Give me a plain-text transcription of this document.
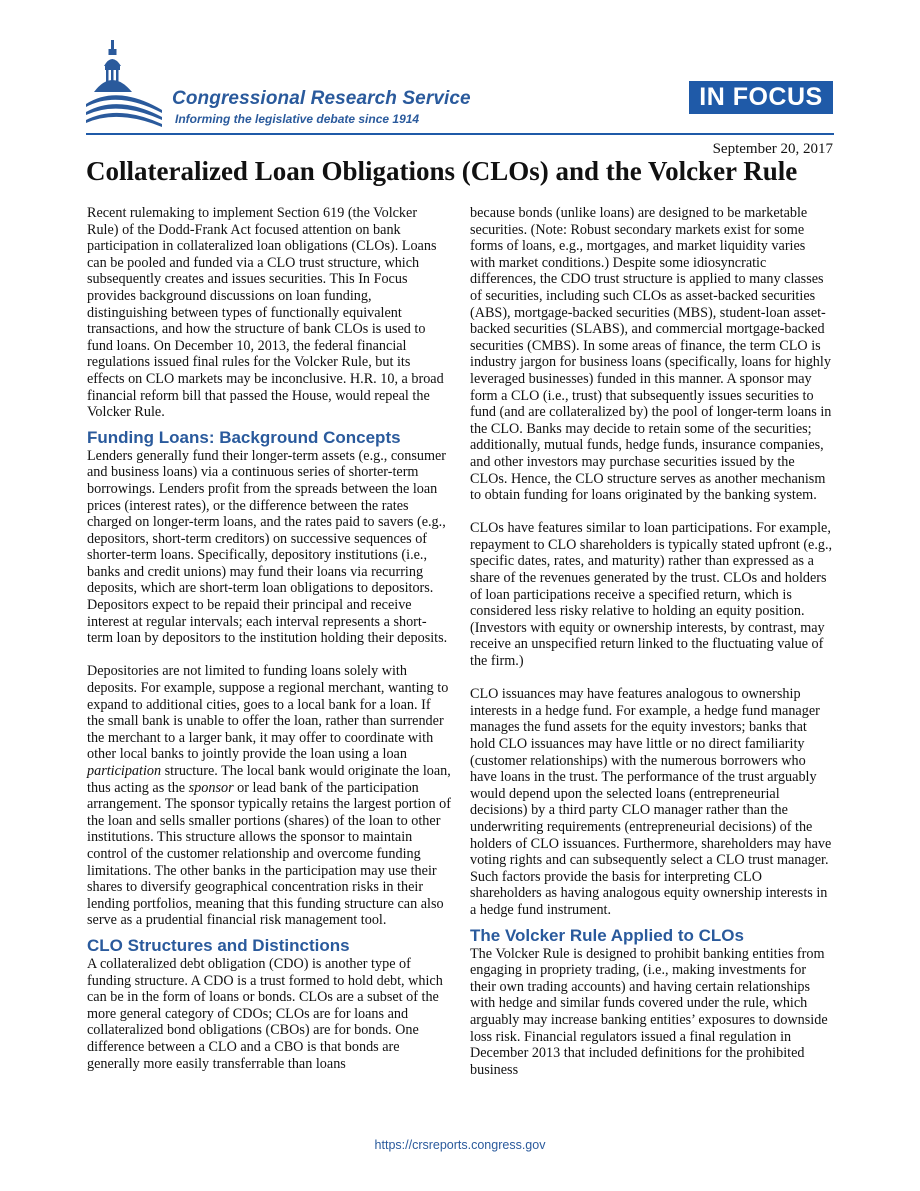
Congressional Research Service
Informing the legislative debate since 1914
IN FOCUS
September 20, 2017
Collateralized Loan Obligations (CLOs) and the Volcker Rule

Recent rulemaking to implement Section 619 (the Volcker Rule) of the Dodd-Frank Act focused attention on bank participation in collateralized loan obligations (CLOs). Loans can be pooled and funded via a CLO trust structure, which subsequently creates and issues securities. This In Focus provides background discussions on loan funding, distinguishing between types of functionally equivalent transactions, and how the structure of bank CLOs is used to fund loans. On December 10, 2013, the federal financial regulations issued final rules for the Volcker Rule, but its effects on CLO markets may be inconclusive. H.R. 10, a broad financial reform bill that passed the House, would repeal the Volcker Rule.

Funding Loans: Background Concepts

Lenders generally fund their longer-term assets (e.g., consumer and business loans) via a continuous series of shorter-term borrowings. Lenders profit from the spreads between the loan prices (interest rates), or the difference between the rates charged on longer-term loans, and the rates paid to savers (e.g., depositors, short-term creditors) on successive sequences of shorter-term loans. Specifically, depository institutions (i.e., banks and credit unions) may fund their loans via recurring deposits, which are short-term loan obligations to depositors. Depositors expect to be repaid their principal and receive interest at regular intervals; each interval represents a short-term loan by depositors to the institution holding their deposits.

Depositories are not limited to funding loans solely with deposits. For example, suppose a regional merchant, wanting to expand to additional cities, goes to a local bank for a loan. If the small bank is unable to offer the loan, rather than surrender the merchant to a larger bank, it may offer to coordinate with other local banks to jointly provide the loan using a loan participation structure. The local bank would originate the loan, thus acting as the sponsor or lead bank of the participation arrangement. The sponsor typically retains the largest portion of the loan and sells smaller portions (shares) of the loan to other institutions. This structure allows the sponsor to maintain control of the customer relationship and overcome funding limitations. The other banks in the participation may use their shares to diversify geographical concentration risks in their lending portfolios, meaning that this funding structure can also serve as a prudential financial risk management tool.

CLO Structures and Distinctions

A collateralized debt obligation (CDO) is another type of funding structure. A CDO is a trust formed to hold debt, which can be in the form of loans or bonds. CLOs are a subset of the more general category of CDOs; CLOs are for loans and collateralized bond obligations (CBOs) are for bonds. One difference between a CLO and a CBO is that bonds are generally more easily transferrable than loans

because bonds (unlike loans) are designed to be marketable securities. (Note: Robust secondary markets exist for some forms of loans, e.g., mortgages, and market liquidity varies with market conditions.) Despite some idiosyncratic differences, the CDO trust structure is applied to many classes of securities, including such CLOs as asset-backed securities (ABS), mortgage-backed securities (MBS), student-loan asset-backed securities (SLABS), and commercial mortgage-backed securities (CMBS). In some areas of finance, the term CLO is industry jargon for business loans (specifically, loans for highly leveraged businesses) funded in this manner. A sponsor may form a CLO (i.e., trust) that subsequently issues securities to fund (and are collateralized by) the pool of longer-term loans in the CLO. Banks may decide to retain some of the securities; additionally, mutual funds, hedge funds, insurance companies, and other investors may purchase securities issued by the CLOs. Hence, the CLO structure serves as another mechanism to obtain funding for loans originated by the banking system.

CLOs have features similar to loan participations. For example, repayment to CLO shareholders is typically stated upfront (e.g., specific dates, rates, and maturity) rather than expressed as a share of the revenues generated by the trust. CLOs and holders of loan participations receive a specified return, which is considered less risky relative to holding an equity position. (Investors with equity or ownership interests, by contrast, may receive an unspecified return linked to the fluctuating value of the firm.)

CLO issuances may have features analogous to ownership interests in a hedge fund. For example, a hedge fund manager manages the fund assets for the equity investors; banks that hold CLO issuances may have little or no direct familiarity (customer relationships) with the numerous borrowers who have loans in the trust. The performance of the trust arguably would depend upon the selected loans (entrepreneurial decisions) by a third party CLO manager rather than the underwriting requirements (entrepreneurial decisions) of the holders of CLO issuances. Furthermore, shareholders may have voting rights and can subsequently select a CLO trust manager. Such factors provide the basis for interpreting CLO shareholders as having analogous equity ownership interests in a hedge fund instrument.

The Volcker Rule Applied to CLOs

The Volcker Rule is designed to prohibit banking entities from engaging in propriety trading, (i.e., making investments for their own trading accounts) and having certain relationships with hedge and similar funds covered under the rule, which arguably may increase banking entities’ exposures to downside loss risk. Financial regulators issued a final regulation in December 2013 that included definitions for the prohibited business

https://crsreports.congress.gov
